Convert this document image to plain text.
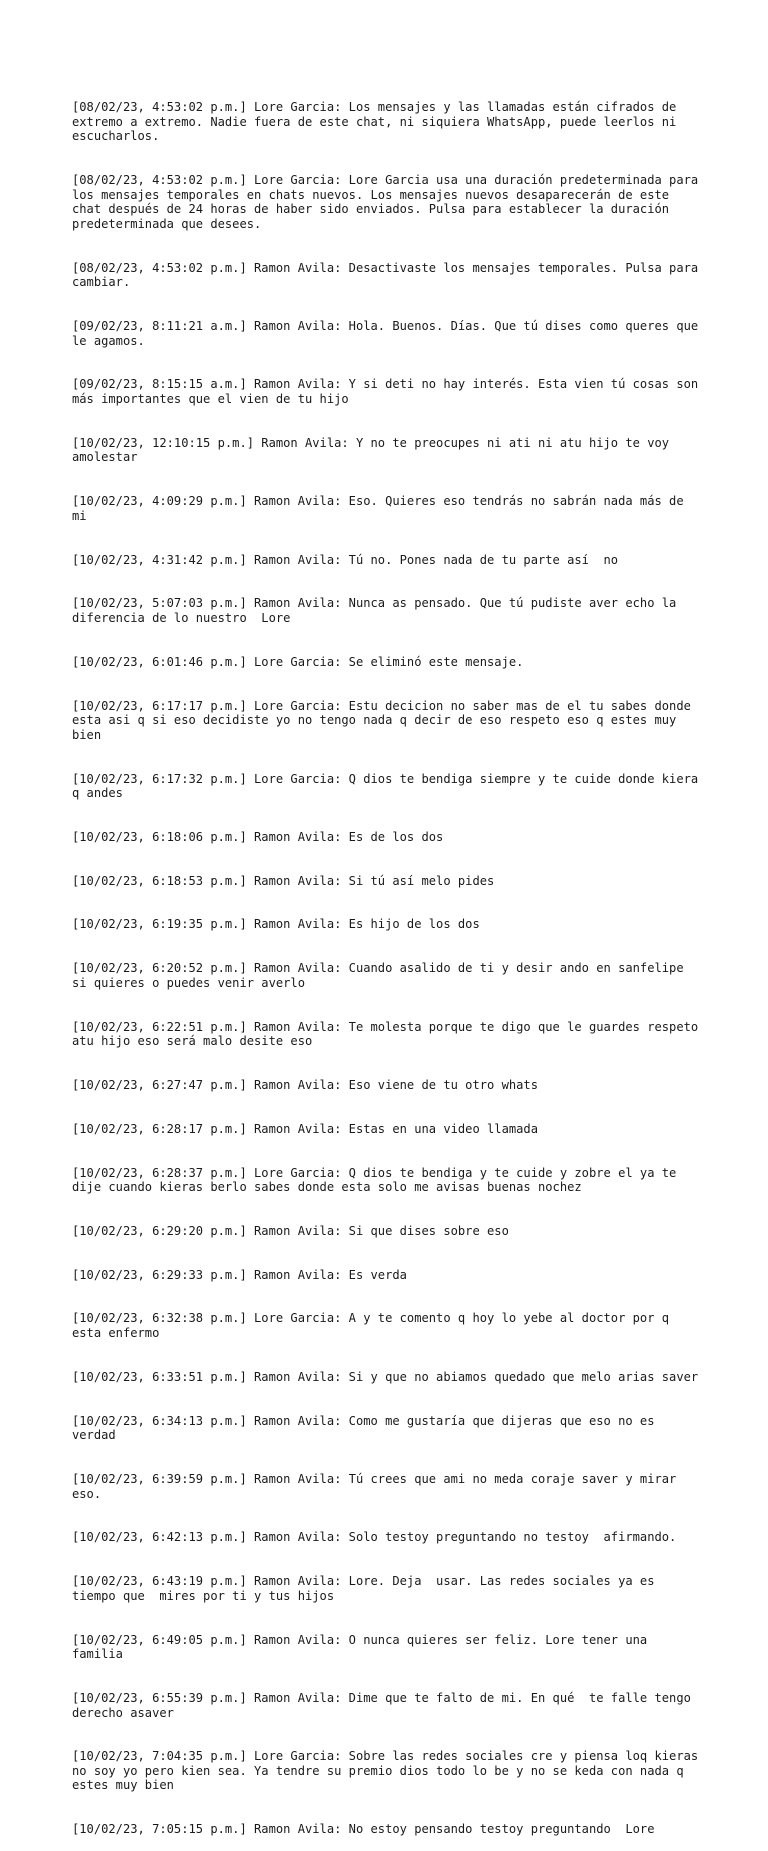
[08/02/23, 4:53:02 p.m.] Lore Garcia: Los mensajes y las llamadas están cifrados de extremo a extremo. Nadie fuera de este chat, ni siquiera WhatsApp, puede leerlos ni escucharlos.

[08/02/23, 4:53:02 p.m.] Lore Garcia: Lore Garcia usa una duración predeterminada para los mensajes temporales en chats nuevos. Los mensajes nuevos desaparecerán de este chat después de 24 horas de haber sido enviados. Pulsa para establecer la duración predeterminada que desees.

[08/02/23, 4:53:02 p.m.] Ramon Avila: Desactivaste los mensajes temporales. Pulsa para cambiar.

[09/02/23, 8:11:21 a.m.] Ramon Avila: Hola. Buenos. Días. Que tú dises como queres que le agamos.

[09/02/23, 8:15:15 a.m.] Ramon Avila: Y si deti no hay interés. Esta vien tú cosas son más importantes que el vien de tu hijo

[10/02/23, 12:10:15 p.m.] Ramon Avila: Y no te preocupes ni ati ni atu hijo te voy amolestar

[10/02/23, 4:09:29 p.m.] Ramon Avila: Eso. Quieres eso tendrás no sabrán nada más de mi

[10/02/23, 4:31:42 p.m.] Ramon Avila: Tú no. Pones nada de tu parte así  no

[10/02/23, 5:07:03 p.m.] Ramon Avila: Nunca as pensado. Que tú pudiste aver echo la diferencia de lo nuestro  Lore

[10/02/23, 6:01:46 p.m.] Lore Garcia: Se eliminó este mensaje.

[10/02/23, 6:17:17 p.m.] Lore Garcia: Estu decicion no saber mas de el tu sabes donde esta asi q si eso decidiste yo no tengo nada q decir de eso respeto eso q estes muy bien

[10/02/23, 6:17:32 p.m.] Lore Garcia: Q dios te bendiga siempre y te cuide donde kiera q andes

[10/02/23, 6:18:06 p.m.] Ramon Avila: Es de los dos

[10/02/23, 6:18:53 p.m.] Ramon Avila: Si tú así melo pides

[10/02/23, 6:19:35 p.m.] Ramon Avila: Es hijo de los dos

[10/02/23, 6:20:52 p.m.] Ramon Avila: Cuando asalido de ti y desir ando en sanfelipe si quieres o puedes venir averlo

[10/02/23, 6:22:51 p.m.] Ramon Avila: Te molesta porque te digo que le guardes respeto  atu hijo eso será malo desite eso

[10/02/23, 6:27:47 p.m.] Ramon Avila: Eso viene de tu otro whats

[10/02/23, 6:28:17 p.m.] Ramon Avila: Estas en una video llamada

[10/02/23, 6:28:37 p.m.] Lore Garcia: Q dios te bendiga y te cuide y zobre el ya te dije cuando kieras berlo sabes donde esta solo me avisas buenas nochez

[10/02/23, 6:29:20 p.m.] Ramon Avila: Si que dises sobre eso

[10/02/23, 6:29:33 p.m.] Ramon Avila: Es verda

[10/02/23, 6:32:38 p.m.] Lore Garcia: A y te comento q hoy lo yebe al doctor por q esta enfermo

[10/02/23, 6:33:51 p.m.] Ramon Avila: Si y que no abiamos quedado que melo arias saver

[10/02/23, 6:34:13 p.m.] Ramon Avila: Como me gustaría que dijeras que eso no es verdad

[10/02/23, 6:39:59 p.m.] Ramon Avila: Tú crees que ami no meda coraje saver y mirar eso.

[10/02/23, 6:42:13 p.m.] Ramon Avila: Solo testoy preguntando no testoy  afirmando.

[10/02/23, 6:43:19 p.m.] Ramon Avila: Lore. Deja  usar. Las redes sociales ya es tiempo que  mires por ti y tus hijos

[10/02/23, 6:49:05 p.m.] Ramon Avila: O nunca quieres ser feliz. Lore tener una familia

[10/02/23, 6:55:39 p.m.] Ramon Avila: Dime que te falto de mi. En qué  te falle tengo derecho asaver

[10/02/23, 7:04:35 p.m.] Lore Garcia: Sobre las redes sociales cre y piensa loq kieras no soy yo pero kien sea. Ya tendre su premio dios todo lo be y no se keda con nada q estes muy bien

[10/02/23, 7:05:15 p.m.] Ramon Avila: No estoy pensando testoy preguntando  Lore
